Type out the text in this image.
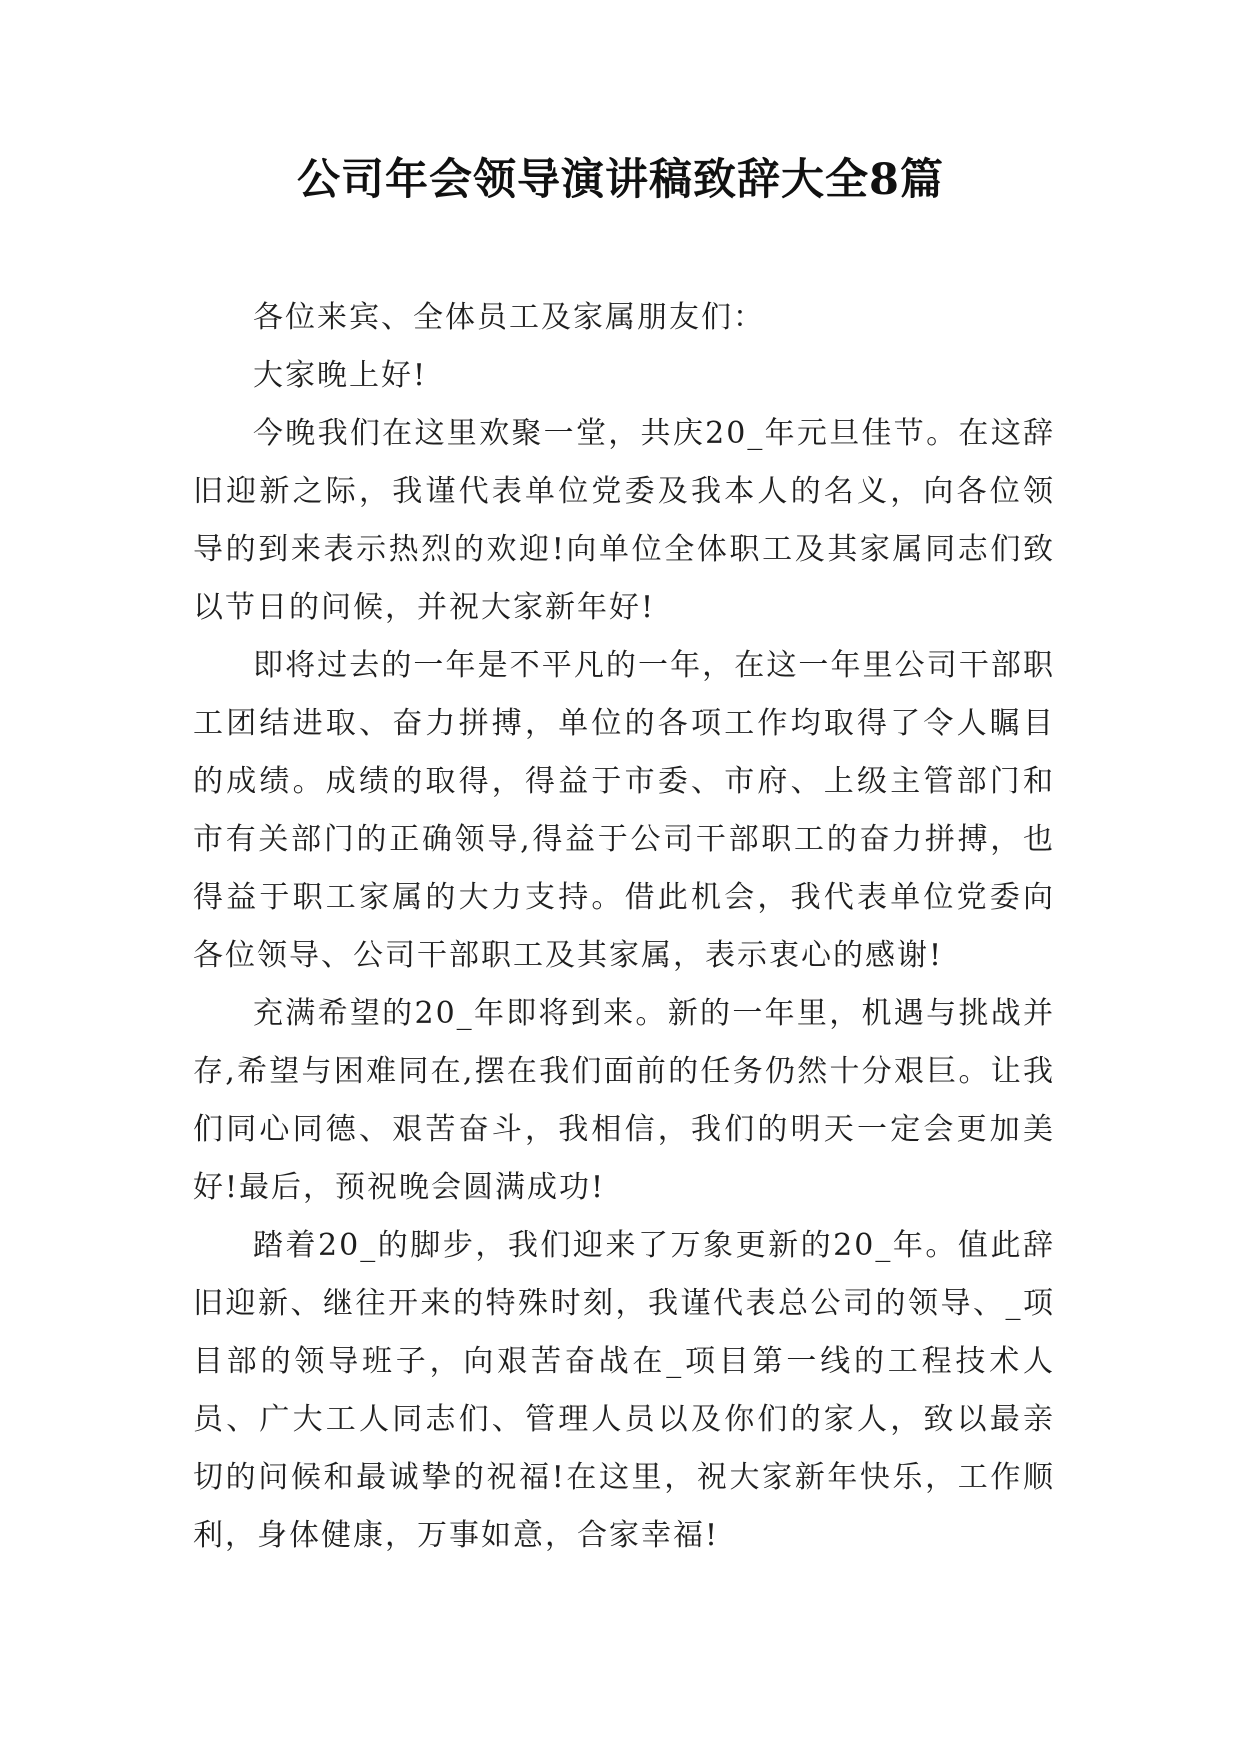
公司年会领导演讲稿致辞大全8篇

各位来宾、全体员工及家属朋友们：

大家晚上好!

今晚我们在这里欢聚一堂，共庆20_年元旦佳节。在这辞旧迎新之际，我谨代表单位党委及我本人的名义，向各位领导的到来表示热烈的欢迎!向单位全体职工及其家属同志们致以节日的问候，并祝大家新年好!

即将过去的一年是不平凡的一年，在这一年里公司干部职工团结进取、奋力拼搏，单位的各项工作均取得了令人瞩目的成绩。成绩的取得，得益于市委、市府、上级主管部门和市有关部门的正确领导,得益于公司干部职工的奋力拼搏，也得益于职工家属的大力支持。借此机会，我代表单位党委向各位领导、公司干部职工及其家属，表示衷心的感谢!

充满希望的20_年即将到来。新的一年里，机遇与挑战并存,希望与困难同在,摆在我们面前的任务仍然十分艰巨。让我们同心同德、艰苦奋斗，我相信，我们的明天一定会更加美好!最后，预祝晚会圆满成功!

踏着20_的脚步，我们迎来了万象更新的20_年。值此辞旧迎新、继往开来的特殊时刻，我谨代表总公司的领导、_项目部的领导班子，向艰苦奋战在_项目第一线的工程技术人员、广大工人同志们、管理人员以及你们的家人，致以最亲切的问候和最诚挚的祝福!在这里，祝大家新年快乐，工作顺利，身体健康，万事如意，合家幸福!
